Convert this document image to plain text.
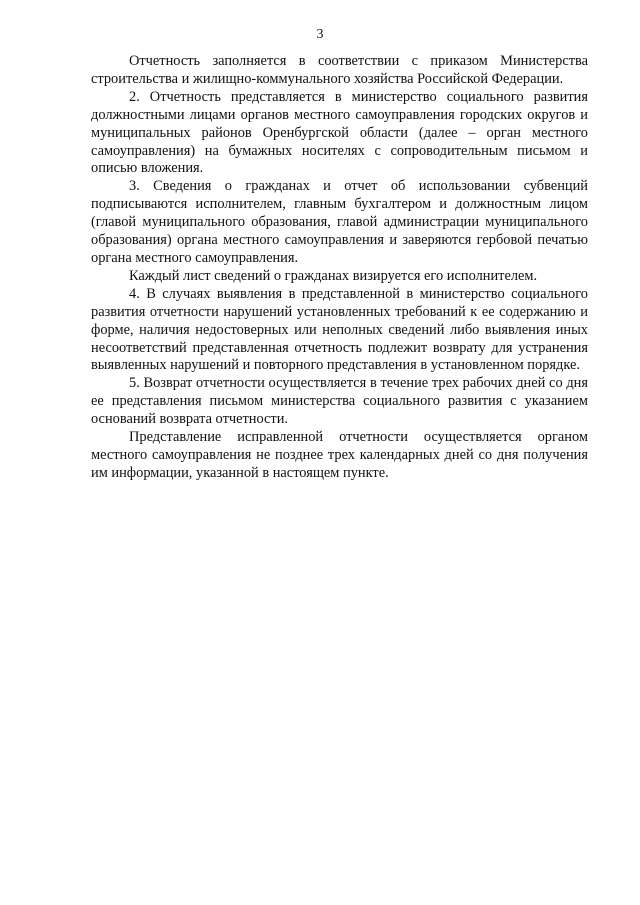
3

Отчетность заполняется в соответствии с приказом Министерства строительства и жилищно-коммунального хозяйства Российской Федерации.

2. Отчетность представляется в министерство социального развития должностными лицами органов местного самоуправления городских округов и муниципальных районов Оренбургской области (далее – орган местного самоуправления) на бумажных носителях с сопроводительным письмом и описью вложения.

3. Сведения о гражданах и отчет об использовании субвенций подписываются исполнителем, главным бухгалтером и должностным лицом (главой муниципального образования, главой администрации муниципального образования) органа местного самоуправления и заверяются гербовой печатью органа местного самоуправления.

Каждый лист сведений о гражданах визируется его исполнителем.

4. В случаях выявления в представленной в министерство социального развития отчетности нарушений установленных требований к ее содержанию и форме, наличия недостоверных или неполных сведений либо выявления иных несоответствий представленная отчетность подлежит возврату для устранения выявленных нарушений и повторного представления в установленном порядке.

5. Возврат отчетности осуществляется в течение трех рабочих дней со дня ее представления письмом министерства социального развития с указанием оснований возврата отчетности.

Представление исправленной отчетности осуществляется органом местного самоуправления не позднее трех календарных дней со дня получения им информации, указанной в настоящем пункте.
